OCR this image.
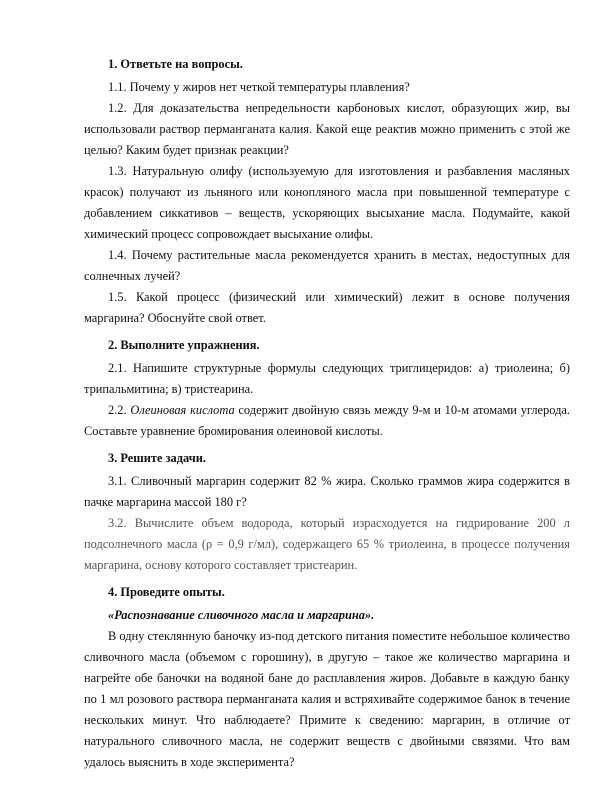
1. Ответьте на вопросы.

1.1. Почему у жиров нет четкой температуры плавления?

1.2. Для доказательства непредельности карбоновых кислот, образующих жир, вы использовали раствор перманганата калия. Какой еще реактив можно применить с этой же целью? Каким будет признак реакции?

1.3. Натуральную олифу (используемую для изготовления и разбавления масляных красок) получают из льняного или конопляного масла при повышенной температуре с добавлением сиккативов – веществ, ускоряющих высыхание масла. Подумайте, какой химический процесс сопровождает высыхание олифы.

1.4. Почему растительные масла рекомендуется хранить в местах, недоступных для солнечных лучей?

1.5. Какой процесс (физический или химический) лежит в основе получения маргарина? Обоснуйте свой ответ.

2. Выполните упражнения.

2.1. Напишите структурные формулы следующих триглицеридов: а) триолеина; б) трипальмитина; в) тристеарина.

2.2. Олеиновая кислота содержит двойную связь между 9-м и 10-м атомами углерода. Составьте уравнение бромирования олеиновой кислоты.

3. Решите задачи.

3.1. Сливочный маргарин содержит 82 % жира. Сколько граммов жира содержится в пачке маргарина массой 180 г?

3.2. Вычислите объем водорода, который израсходуется на гидрирование 200 л подсолнечного масла (ρ = 0,9 г/мл), содержащего 65 % триолеина, в процессе получения маргарина, основу которого составляет тристеарин.

4. Проведите опыты.

«Распознавание сливочного масла и маргарина».

В одну стеклянную баночку из-под детского питания поместите небольшое количество сливочного масла (объемом с горошину), в другую – такое же количество маргарина и нагрейте обе баночки на водяной бане до расплавления жиров. Добавьте в каждую банку по 1 мл розового раствора перманганата калия и встряхивайте содержимое банок в течение нескольких минут. Что наблюдаете? Примите к сведению: маргарин, в отличие от натурального сливочного масла, не содержит веществ с двойными связями. Что вам удалось выяснить в ходе эксперимента?
